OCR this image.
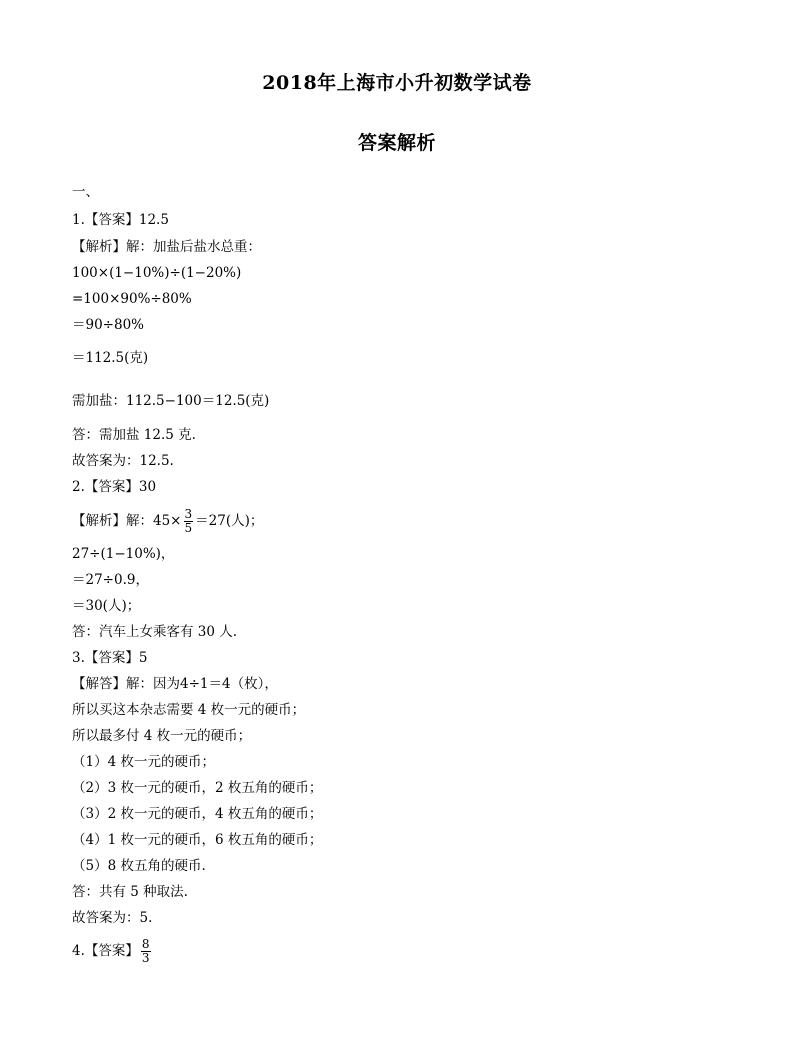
2018年上海市小升初数学试卷
答案解析
一、
1.【答案】12.5
【解析】解：加盐后盐水总重：
100×(1−10%)÷(1−20%)
=100×90%÷80%
＝90÷80%
＝112.5(克)
需加盐：112.5−100＝12.5(克)
答：需加盐 12.5 克.
故答案为：12.5.
2.【答案】30
【解析】解：$45\times \frac{3}{5} =27$(人)；
27÷(1−10%)，
＝27÷0.9，
＝30(人)；
答：汽车上女乘客有 30 人.
3.【答案】5
【解答】解：因为4÷1＝4（枚），
所以买这本杂志需要 4 枚一元的硬币；
所以最多付 4 枚一元的硬币；
（1）4 枚一元的硬币；
（2）3 枚一元的硬币，2 枚五角的硬币；
（3）2 枚一元的硬币，4 枚五角的硬币；
（4）1 枚一元的硬币，6 枚五角的硬币；
（5）8 枚五角的硬币.
答：共有 5 种取法.
故答案为：5.
4.【答案】 $\frac{8}{3}$
